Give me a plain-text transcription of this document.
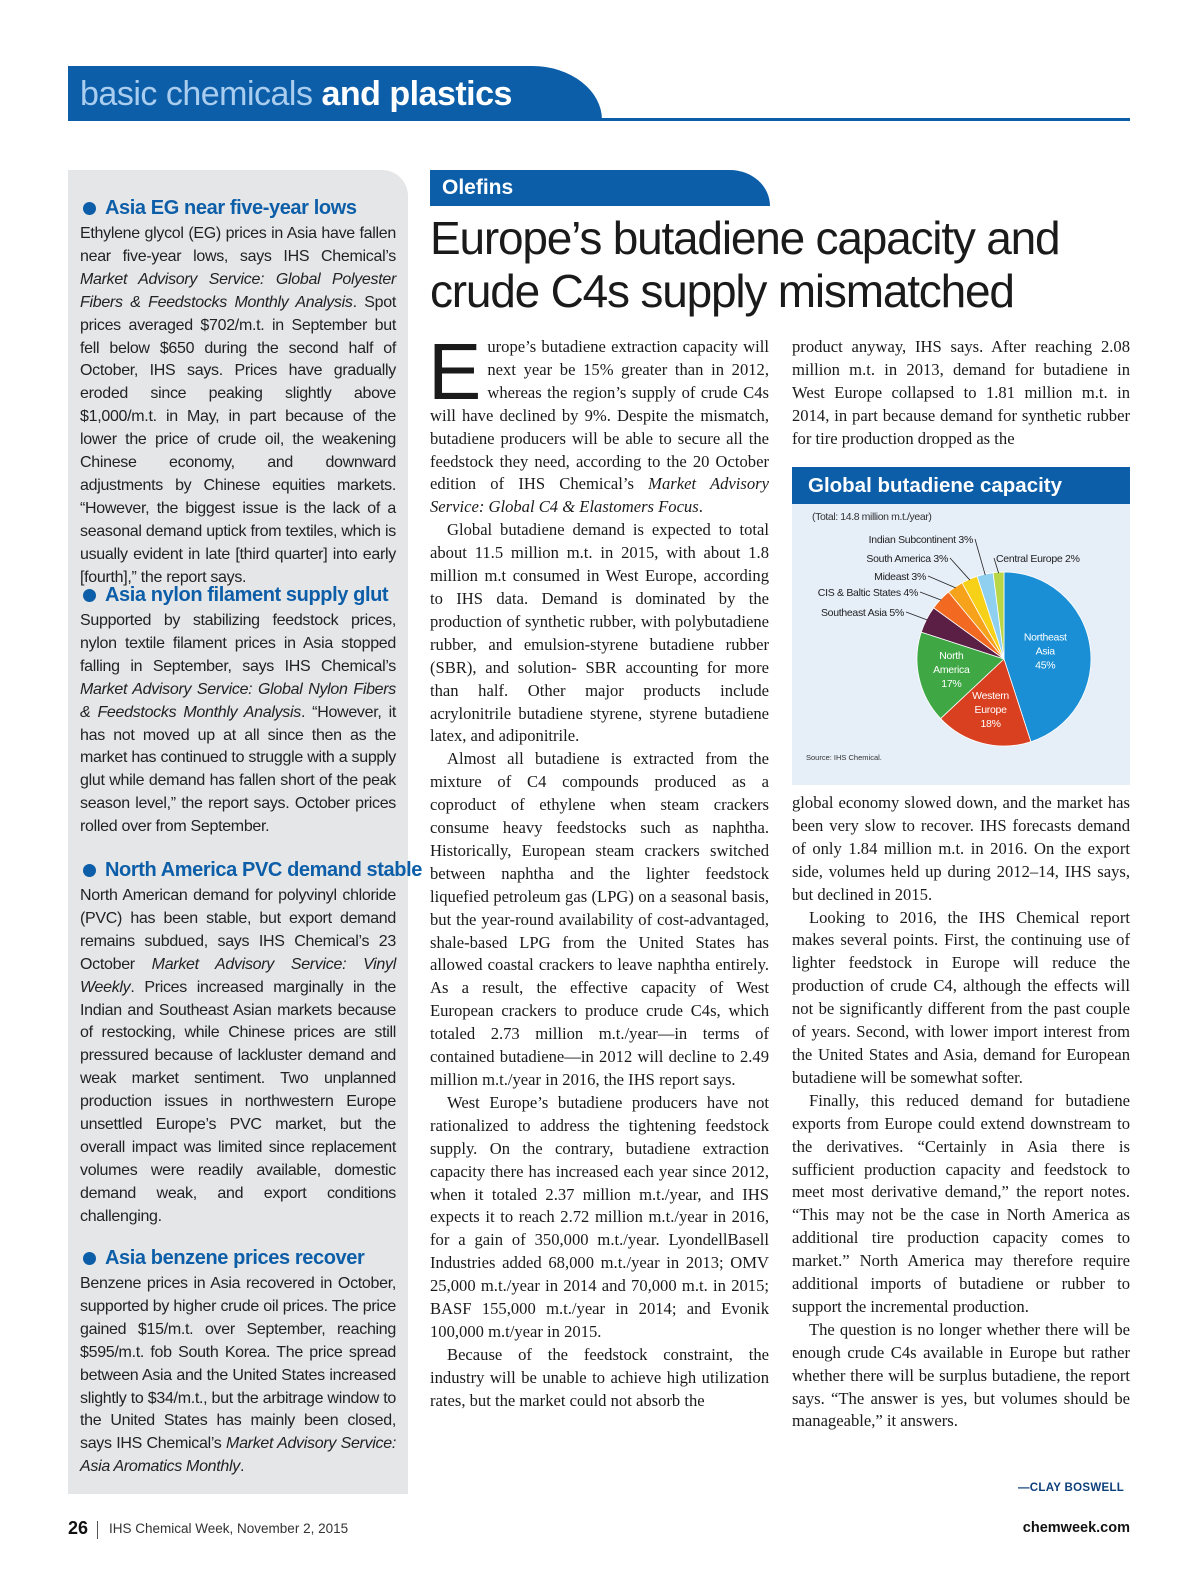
basic chemicals and plastics
Asia EG near five-year lows

Ethylene glycol (EG) prices in Asia have fallen near five-year lows, says IHS Chemical’s Market Advisory Service: Global Polyester Fibers & Feedstocks Monthly Analysis. Spot prices averaged $702/m.t. in September but fell below $650 during the second half of October, IHS says. Prices have gradually eroded since peaking slightly above $1,000/m.t. in May, in part because of the lower the price of crude oil, the weakening Chinese economy, and downward adjustments by Chinese equities markets. “However, the biggest issue is the lack of a seasonal demand uptick from textiles, which is usually evident in late [third quarter] into early [fourth],” the report says.

Asia nylon filament supply glut

Supported by stabilizing feedstock prices, nylon textile filament prices in Asia stopped falling in September, says IHS Chemical’s Market Advisory Service: Global Nylon Fibers & Feedstocks Monthly Analysis. “However, it has not moved up at all since then as the market has continued to struggle with a supply glut while demand has fallen short of the peak season level,” the report says. October prices rolled over from September.

North America PVC demand stable

North American demand for polyvinyl chloride (PVC) has been stable, but export demand remains subdued, says IHS Chemical’s 23 October Market Advisory Service: Vinyl Weekly. Prices increased marginally in the Indian and Southeast Asian markets because of restocking, while Chinese prices are still pressured because of lackluster demand and weak market sentiment. Two unplanned production issues in northwestern Europe unsettled Europe’s PVC market, but the overall impact was limited since replacement volumes were readily available, domestic demand weak, and export conditions challenging.

Asia benzene prices recover

Benzene prices in Asia recovered in October, supported by higher crude oil prices. The price gained $15/m.t. over September, reaching $595/m.t. fob South Korea. The price spread between Asia and the United States increased slightly to $34/m.t., but the arbitrage window to the United States has mainly been closed, says IHS Chemical’s Market Advisory Service: Asia Aromatics Monthly.

Olefins
Europe’s butadiene capacity and crude C4s supply mismatched

Europe’s butadiene extraction capacity will next year be 15% greater than in 2012, whereas the region’s supply of crude C4s will have declined by 9%. Despite the mismatch, butadiene producers will be able to secure all the feedstock they need, according to the 20 October edition of IHS Chemical’s Market Advisory Service: Global C4 & Elastomers Focus.

Global butadiene demand is expected to total about 11.5 million m.t. in 2015, with about 1.8 million m.t consumed in West Europe, according to IHS data. Demand is dominated by the production of synthetic rubber, with polybutadiene rubber, and emulsion-styrene butadiene rubber (SBR), and solution- SBR accounting for more than half. Other major products include acrylonitrile butadiene styrene, styrene butadiene latex, and adiponitrile.

Almost all butadiene is extracted from the mixture of C4 compounds produced as a coproduct of ethylene when steam crackers consume heavy feedstocks such as naphtha. Historically, European steam crackers switched between naphtha and the lighter feedstock liquefied petroleum gas (LPG) on a seasonal basis, but the year-round availability of cost-advantaged, shale-based LPG from the United States has allowed coastal crackers to leave naphtha entirely. As a result, the effective capacity of West European crackers to produce crude C4s, which totaled 2.73 million m.t./year—in terms of contained butadiene—in 2012 will decline to 2.49 million m.t./year in 2016, the IHS report says.

West Europe’s butadiene producers have not rationalized to address the tightening feedstock supply. On the contrary, butadiene extraction capacity there has increased each year since 2012, when it totaled 2.37 million m.t./year, and IHS expects it to reach 2.72 million m.t./year in 2016, for a gain of 350,000 m.t./year. LyondellBasell Industries added 68,000 m.t./year in 2013; OMV 25,000 m.t./year in 2014 and 70,000 m.t. in 2015; BASF 155,000 m.t./year in 2014; and Evonik 100,000 m.t/year in 2015.

Because of the feedstock constraint, the industry will be unable to achieve high utilization rates, but the market could not absorb the

product anyway, IHS says. After reaching 2.08 million m.t. in 2013, demand for butadiene in West Europe collapsed to 1.81 million m.t. in 2014, in part because demand for synthetic rubber for tire production dropped as the

Global butadiene capacity
(Total: 14.8 million m.t./year)
Source: IHS Chemical.
Northeast
Asia
45%
Western
Europe
18%
North
America
17%
Southeast Asia 5%
CIS & Baltic States 4%
Mideast 3%
South America 3%
Indian Subcontinent 3%
Central Europe 2%

global economy slowed down, and the market has been very slow to recover. IHS forecasts demand of only 1.84 million m.t. in 2016. On the export side, volumes held up during 2012–14, IHS says, but declined in 2015.

Looking to 2016, the IHS Chemical report makes several points. First, the continuing use of lighter feedstock in Europe will reduce the production of crude C4, although the effects will not be significantly different from the past couple of years. Second, with lower import interest from the United States and Asia, demand for European butadiene will be somewhat softer.

Finally, this reduced demand for butadiene exports from Europe could extend downstream to the derivatives. “Certainly in Asia there is sufficient production capacity and feedstock to meet most derivative demand,” the report notes. “This may not be the case in North America as additional tire production capacity comes to market.” North America may therefore require additional imports of butadiene or rubber to support the incremental production.

The question is no longer whether there will be enough crude C4s available in Europe but rather whether there will be surplus butadiene, the report says. “The answer is yes, but volumes should be manageable,” it answers.

—CLAY BOSWELL
26 IHS Chemical Week, November 2, 2015	chemweek.com
